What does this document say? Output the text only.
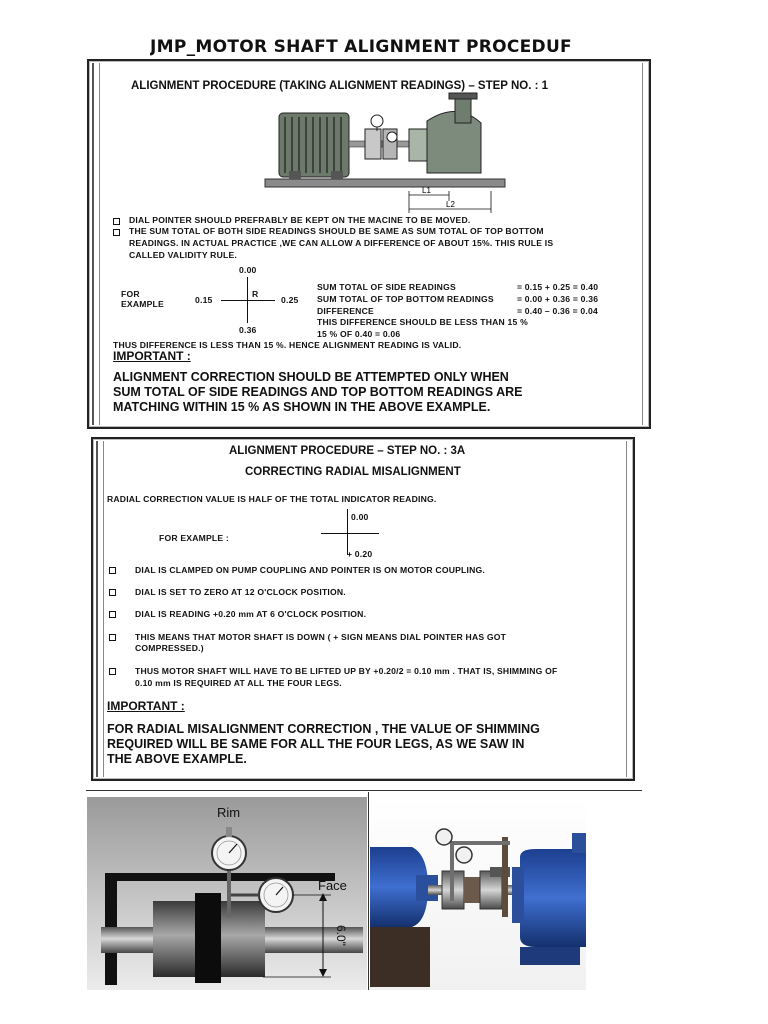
JMP_MOTOR SHAFT ALIGNMENT PROCEDUF
ALIGNMENT PROCEDURE (TAKING ALIGNMENT READINGS) – STEP NO. : 1
L1
L2
DIAL POINTER SHOULD PREFRABLY BE KEPT ON THE MACINE TO BE MOVED.
THE SUM TOTAL OF BOTH SIDE READINGS SHOULD BE SAME AS SUM TOTAL OF TOP BOTTOM
READINGS. IN ACTUAL PRACTICE ,WE CAN ALLOW A DIFFERENCE OF ABOUT 15%. THIS RULE IS
CALLED VALIDITY RULE.
FOR
EXAMPLE
0.00
0.15	0.25
R
0.36
SUM TOTAL OF SIDE READINGS	= 0.15 + 0.25 = 0.40
SUM TOTAL OF TOP BOTTOM READINGS	= 0.00 + 0.36 = 0.36
DIFFERENCE	= 0.40 – 0.36 = 0.04
THIS DIFFERENCE SHOULD BE LESS THAN 15 %
15 % OF 0.40 = 0.06
THUS DIFFERENCE IS LESS THAN 15 %. HENCE ALIGNMENT READING IS VALID.
IMPORTANT :
ALIGNMENT CORRECTION SHOULD BE ATTEMPTED ONLY WHEN
SUM TOTAL OF SIDE READINGS AND TOP BOTTOM READINGS ARE
MATCHING WITHIN 15 % AS SHOWN IN THE ABOVE EXAMPLE.
ALIGNMENT PROCEDURE – STEP NO. : 3A
CORRECTING RADIAL MISALIGNMENT
RADIAL CORRECTION VALUE IS HALF OF THE TOTAL INDICATOR READING.
FOR EXAMPLE :
0.00
+ 0.20
DIAL IS CLAMPED ON PUMP COUPLING AND POINTER IS ON MOTOR COUPLING.
DIAL IS SET TO ZERO AT 12 O'CLOCK POSITION.
DIAL IS READING +0.20 mm AT 6 O'CLOCK POSITION.
THIS MEANS THAT MOTOR SHAFT IS DOWN ( + SIGN MEANS DIAL POINTER HAS GOT
COMPRESSED.)
THUS MOTOR SHAFT WILL HAVE TO BE LIFTED UP BY +0.20/2 = 0.10 mm . THAT IS, SHIMMING OF
0.10 mm IS REQUIRED AT ALL THE FOUR LEGS.
IMPORTANT :
FOR RADIAL MISALIGNMENT CORRECTION , THE VALUE OF SHIMMING
REQUIRED WILL BE SAME FOR ALL THE FOUR LEGS, AS WE SAW IN
THE ABOVE EXAMPLE.
Rim
Face
6.0"
